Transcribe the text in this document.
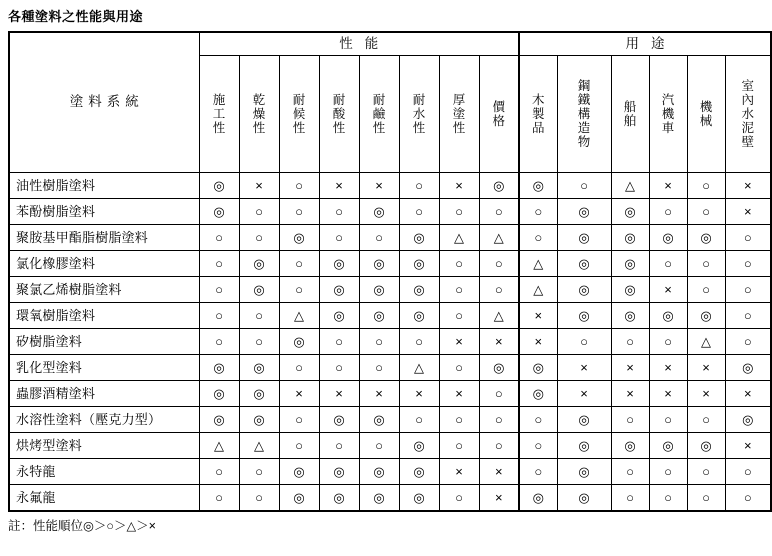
各種塗料之性能與用途
塗料系統	性能								用途					

	施
工
性	乾
燥
性	耐
候
性	耐
酸
性	耐
鹼
性	耐
水
性	厚
塗
性	價
格	木
製
品	鋼
鐵
構
造
物	船
舶	汽
機
車	機
械	室
內
水
泥
壁

油性樹脂塗料	◎	×	○	×	×	○	×	◎	◎	○	△	×	○	×
苯酚樹脂塗料	◎	○	○	○	◎	○	○	○	○	◎	◎	○	○	×
聚胺基甲酯脂樹脂塗料	○	○	◎	○	○	◎	△	△	○	◎	◎	◎	◎	○
氯化橡膠塗料	○	◎	○	◎	◎	◎	○	○	△	◎	◎	○	○	○
聚氯乙烯樹脂塗料	○	◎	○	◎	◎	◎	○	○	△	◎	◎	×	○	○
環氧樹脂塗料	○	○	△	◎	◎	◎	○	△	×	◎	◎	◎	◎	○
矽樹脂塗料	○	○	◎	○	○	○	×	×	×	○	○	○	△	○
乳化型塗料	◎	◎	○	○	○	△	○	◎	◎	×	×	×	×	◎
蟲膠酒精塗料	◎	◎	×	×	×	×	×	○	◎	×	×	×	×	×
水溶性塗料（壓克力型）	◎	◎	○	◎	◎	○	○	○	○	◎	○	○	○	◎
烘烤型塗料	△	△	○	○	○	◎	○	○	○	◎	◎	◎	◎	×
永特龍	○	○	◎	◎	◎	◎	×	×	○	◎	○	○	○	○
永氟龍	○	○	◎	◎	◎	◎	○	×	◎	◎	○	○	○	○
註：性能順位◎＞○＞△＞×
